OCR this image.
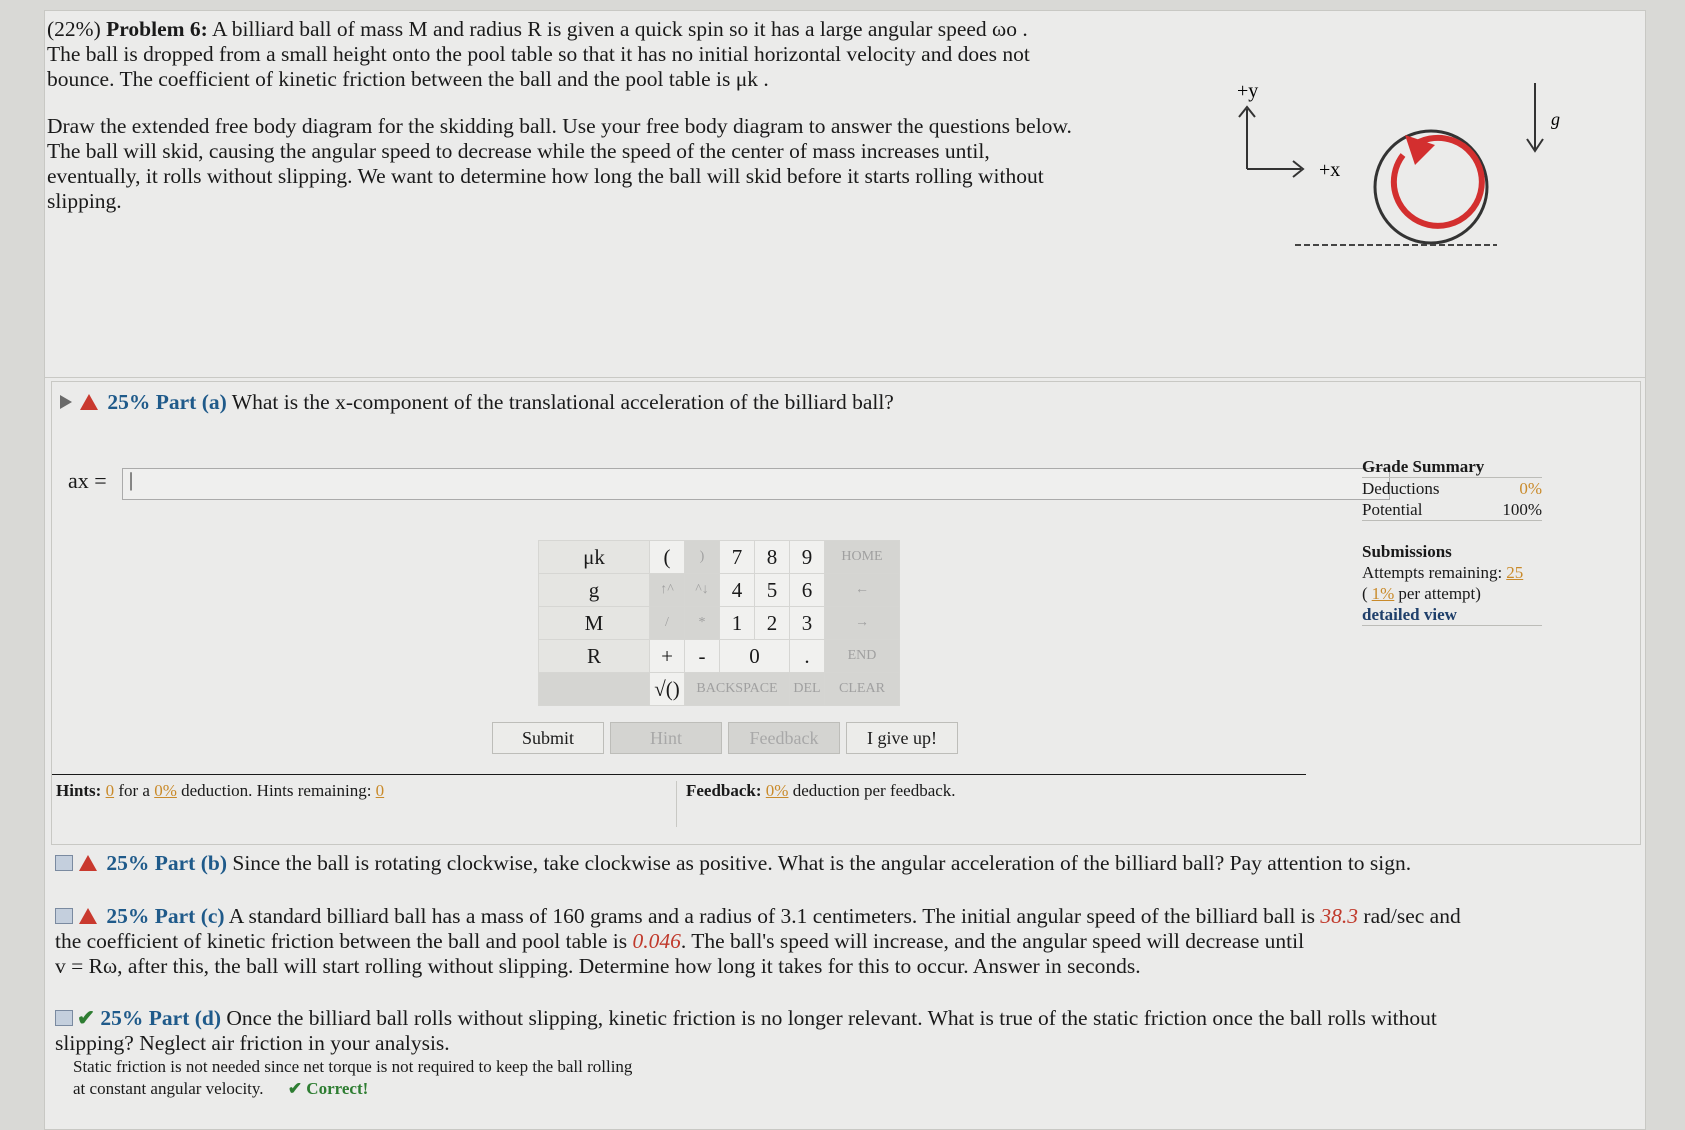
(22%) Problem 6: A billiard ball of mass M and radius R is given a quick spin so it has a large angular speed ωo .
The ball is dropped from a small height onto the pool table so that it has no initial horizontal velocity and does not
bounce. The coefficient of kinetic friction between the ball and the pool table is μk .

Draw the extended free body diagram for the skidding ball. Use your free body diagram to answer the questions below.
The ball will skid, causing the angular speed to decrease while the speed of the center of mass increases until,
eventually, it rolls without slipping. We want to determine how long the ball will skid before it starts rolling without
slipping.

+y
+x
g
25% Part (a) What is the x-component of the translational acceleration of the billiard ball?
ax =	|
μk	(	)	7	8	9	HOME
g	↑^	^↓	4	5	6	←
M	/	*	1	2	3	→
R	+	-	0		.	END
	√()	BACKSPACE			DEL	CLEAR
Submit	Hint	Feedback	I give up!
Grade Summary
Deductions	0%
Potential	100%
Submissions
Attempts remaining: 25
( 1% per attempt)
detailed view
Hints: 0 for a 0% deduction. Hints remaining: 0	Feedback: 0% deduction per feedback.
25% Part (b) Since the ball is rotating clockwise, take clockwise as positive. What is the angular acceleration of the billiard ball? Pay attention to sign.
25% Part (c) A standard billiard ball has a mass of 160 grams and a radius of 3.1 centimeters. The initial angular speed of the billiard ball is 38.3 rad/sec and
the coefficient of kinetic friction between the ball and pool table is 0.046. The ball's speed will increase, and the angular speed will decrease until
v = Rω, after this, the ball will start rolling without slipping. Determine how long it takes for this to occur. Answer in seconds.
✔ 25% Part (d) Once the billiard ball rolls without slipping, kinetic friction is no longer relevant. What is true of the static friction once the ball rolls without
slipping? Neglect air friction in your analysis.
Static friction is not needed since net torque is not required to keep the ball rolling
at constant angular velocity. ✔ Correct!
